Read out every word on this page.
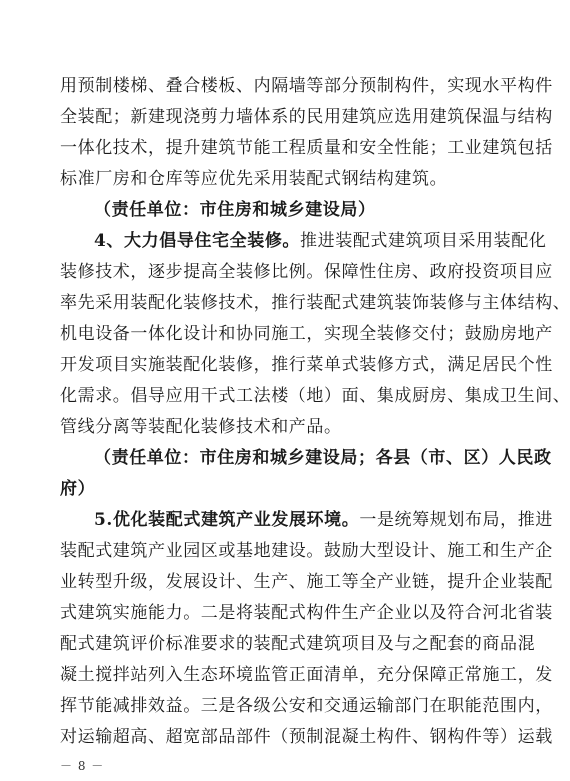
用预制楼梯、叠合楼板、内隔墙等部分预制构件，实现水平构件
全装配；新建现浇剪力墙体系的民用建筑应选用建筑保温与结构
一体化技术，提升建筑节能工程质量和安全性能；工业建筑包括
标准厂房和仓库等应优先采用装配式钢结构建筑。
（责任单位：市住房和城乡建设局）
4、大力倡导住宅全装修。推进装配式建筑项目采用装配化
装修技术，逐步提高全装修比例。保障性住房、政府投资项目应
率先采用装配化装修技术，推行装配式建筑装饰装修与主体结构、
机电设备一体化设计和协同施工，实现全装修交付；鼓励房地产
开发项目实施装配化装修，推行菜单式装修方式，满足居民个性
化需求。倡导应用干式工法楼（地）面、集成厨房、集成卫生间、
管线分离等装配化装修技术和产品。
（责任单位：市住房和城乡建设局；各县（市、区）人民政
府）
5.优化装配式建筑产业发展环境。一是统筹规划布局，推进
装配式建筑产业园区或基地建设。鼓励大型设计、施工和生产企
业转型升级，发展设计、生产、施工等全产业链，提升企业装配
式建筑实施能力。二是将装配式构件生产企业以及符合河北省装
配式建筑评价标准要求的装配式建筑项目及与之配套的商品混
凝土搅拌站列入生态环境监管正面清单，充分保障正常施工，发
挥节能减排效益。三是各级公安和交通运输部门在职能范围内，
对运输超高、超宽部品部件（预制混凝土构件、钢构件等）运载
－ 8 －
